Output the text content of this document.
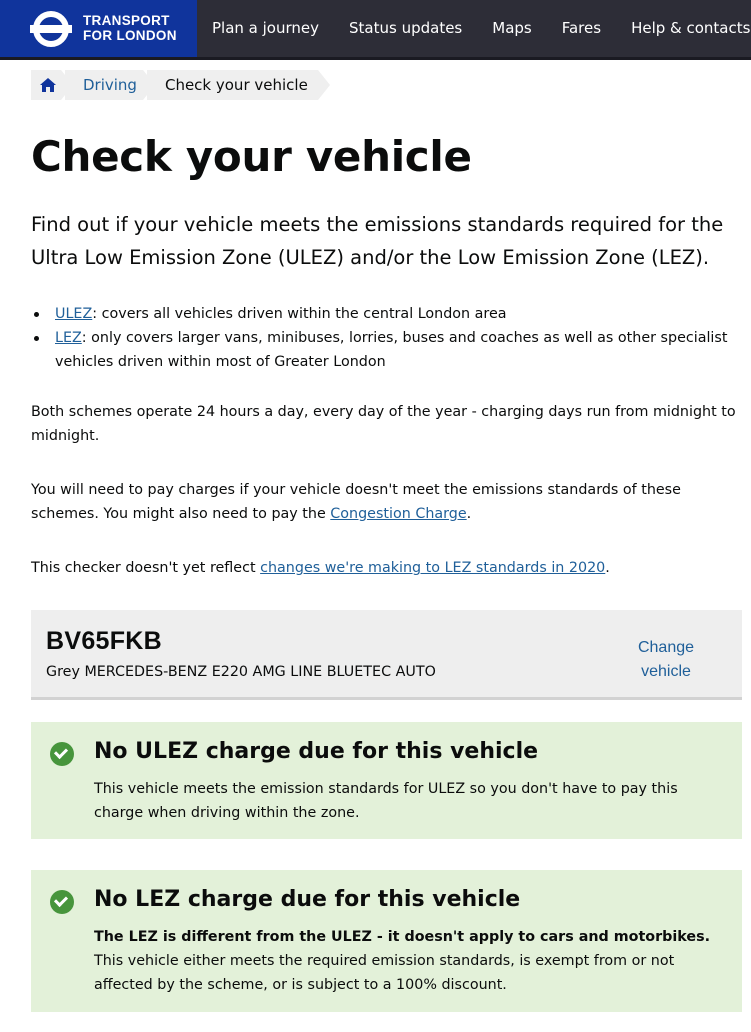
TRANSPORT
FOR LONDON	Plan a journey	Status updates	Maps	Fares	Help & contacts
Driving	Check your vehicle
Check your vehicle

Find out if your vehicle meets the emissions standards required for the Ultra Low Emission Zone (ULEZ) and/or the Low Emission Zone (LEZ).

ULEZ: covers all vehicles driven within the central London area
LEZ: only covers larger vans, minibuses, lorries, buses and coaches as well as other specialist vehicles driven within most of Greater London

Both schemes operate 24 hours a day, every day of the year - charging days run from midnight to midnight.

You will need to pay charges if your vehicle doesn't meet the emissions standards of these schemes. You might also need to pay the Congestion Charge.

This checker doesn't yet reflect changes we're making to LEZ standards in 2020.

BV65FKB
Grey MERCEDES-BENZ E220 AMG LINE BLUETEC AUTO
Change
vehicle
No ULEZ charge due for this vehicle
This vehicle meets the emission standards for ULEZ so you don't have to pay this charge when driving within the zone.
No LEZ charge due for this vehicle
The LEZ is different from the ULEZ - it doesn't apply to cars and motorbikes. This vehicle either meets the required emission standards, is exempt from or not affected by the scheme, or is subject to a 100% discount.
